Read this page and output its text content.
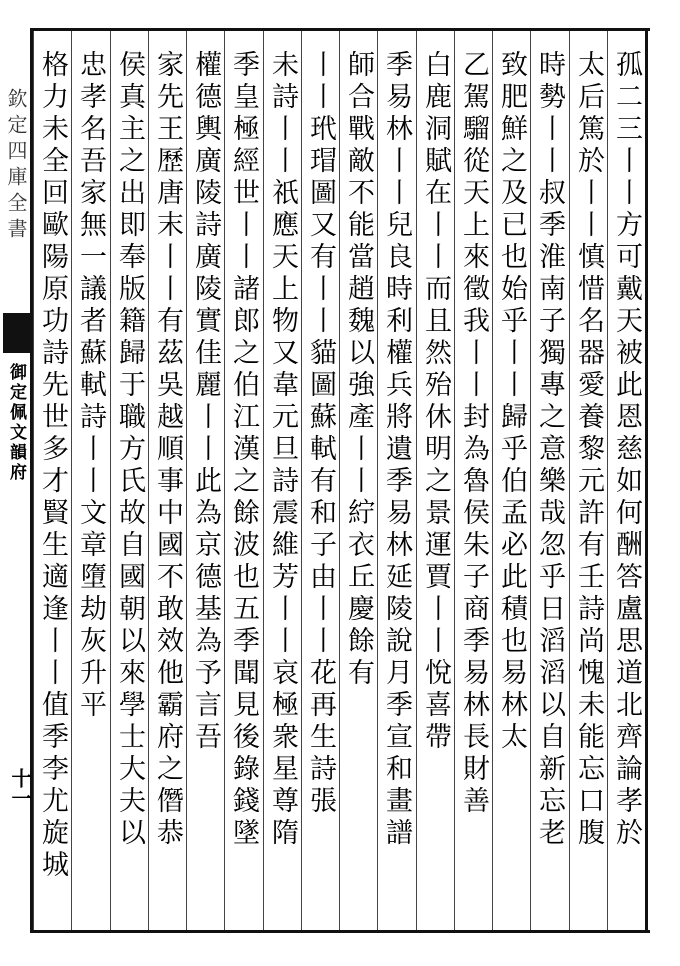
欽定四庫全書
御定佩文韻府
十一	孤二三丨丨方可戴天被此恩慈如何酬答盧思道北齊論孝於
太后篤於丨丨慎惜名器愛養黎元許有壬詩尚愧未能忘口腹
時勢丨丨叔季淮南子獨專之意樂哉忽乎日滔滔以自新忘老
致肥鮮之及已也始乎丨丨歸乎伯孟必此積也易林太
乙駕騮從天上來徵我丨丨封為魯侯朱子商季易林長財善
白鹿洞賦在丨丨而且然殆休明之景運賈丨丨悅喜帶
季易林丨丨兒良時利權兵將遺季易林延陵說月季宣和畫譜
師合戰敵不能當趙魏以強產丨丨紵衣丘慶餘有
丨丨玳瑁圖又有丨丨貓圖蘇軾有和子由丨丨花再生詩張
未詩丨丨祇應天上物又韋元旦詩震維芳丨丨哀極衆星尊隋
季皇極經世丨丨諸郎之伯江漢之餘波也五季聞見後錄錢墜
權德輿廣陵詩廣陵實佳麗丨丨此為京德基為予言吾
家先王歷唐末丨丨有茲吳越順事中國不敢效他霸府之僭恭
侯真主之出即奉版籍歸于職方氏故自國朝以來學士大夫以
忠孝名吾家無一議者蘇軾詩丨丨文章墮劫灰升平
格力未全回歐陽原功詩先世多才賢生適逢丨丨值季李尤旋城
